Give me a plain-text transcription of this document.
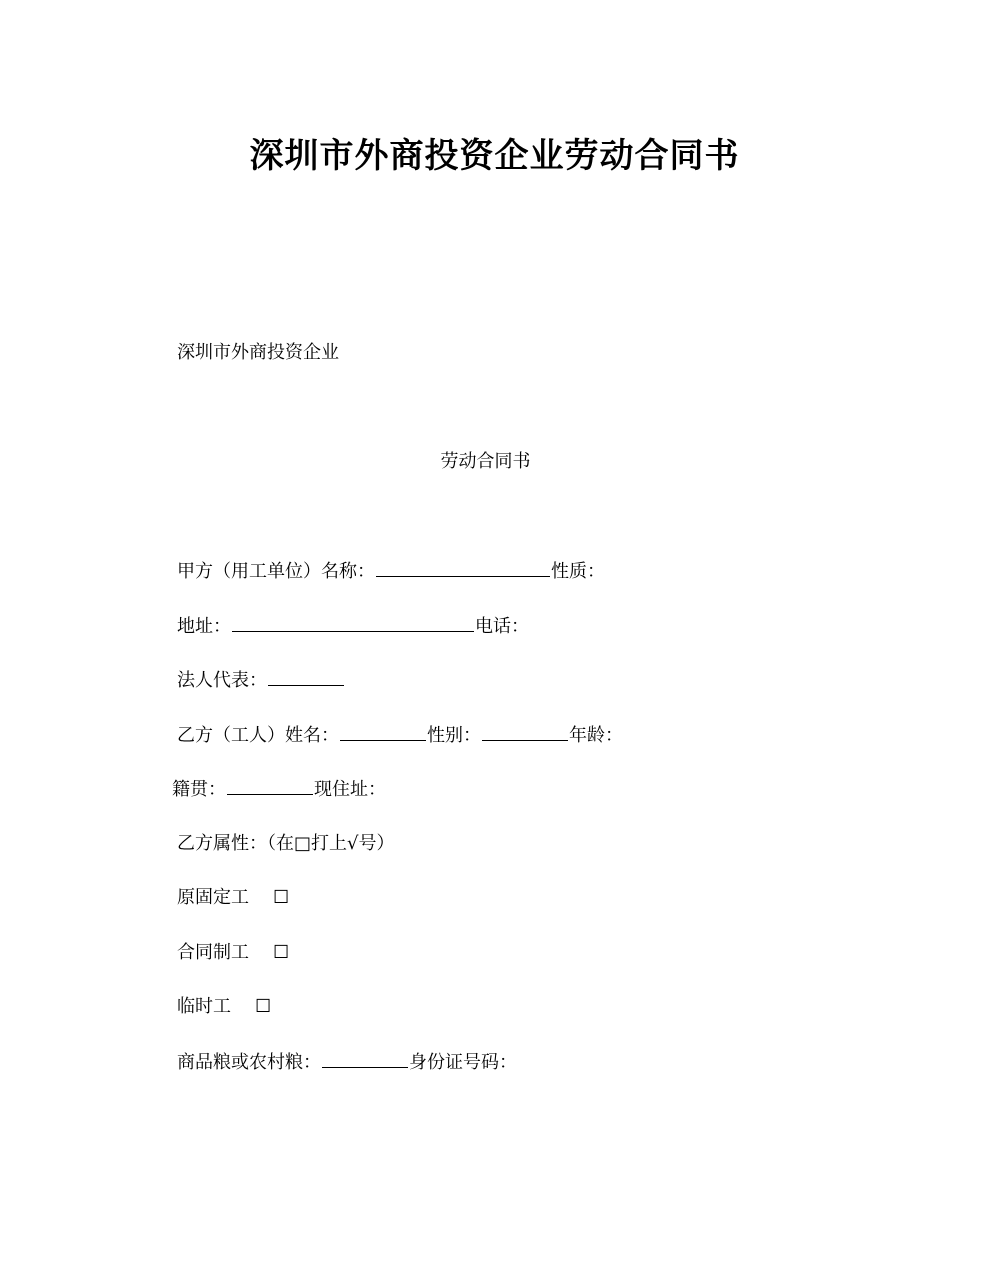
深圳市外商投资企业劳动合同书
深圳市外商投资企业
劳动合同书
甲方（用工单位）名称：	性质：
地址：	电话：
法人代表：
乙方（工人）姓名：	性别：	年龄：
籍贯：	现住址：
乙方属性：（在□打上√号）
原固定工 ☐
合同制工 ☐
临时工 ☐
商品粮或农村粮：	身份证号码：
